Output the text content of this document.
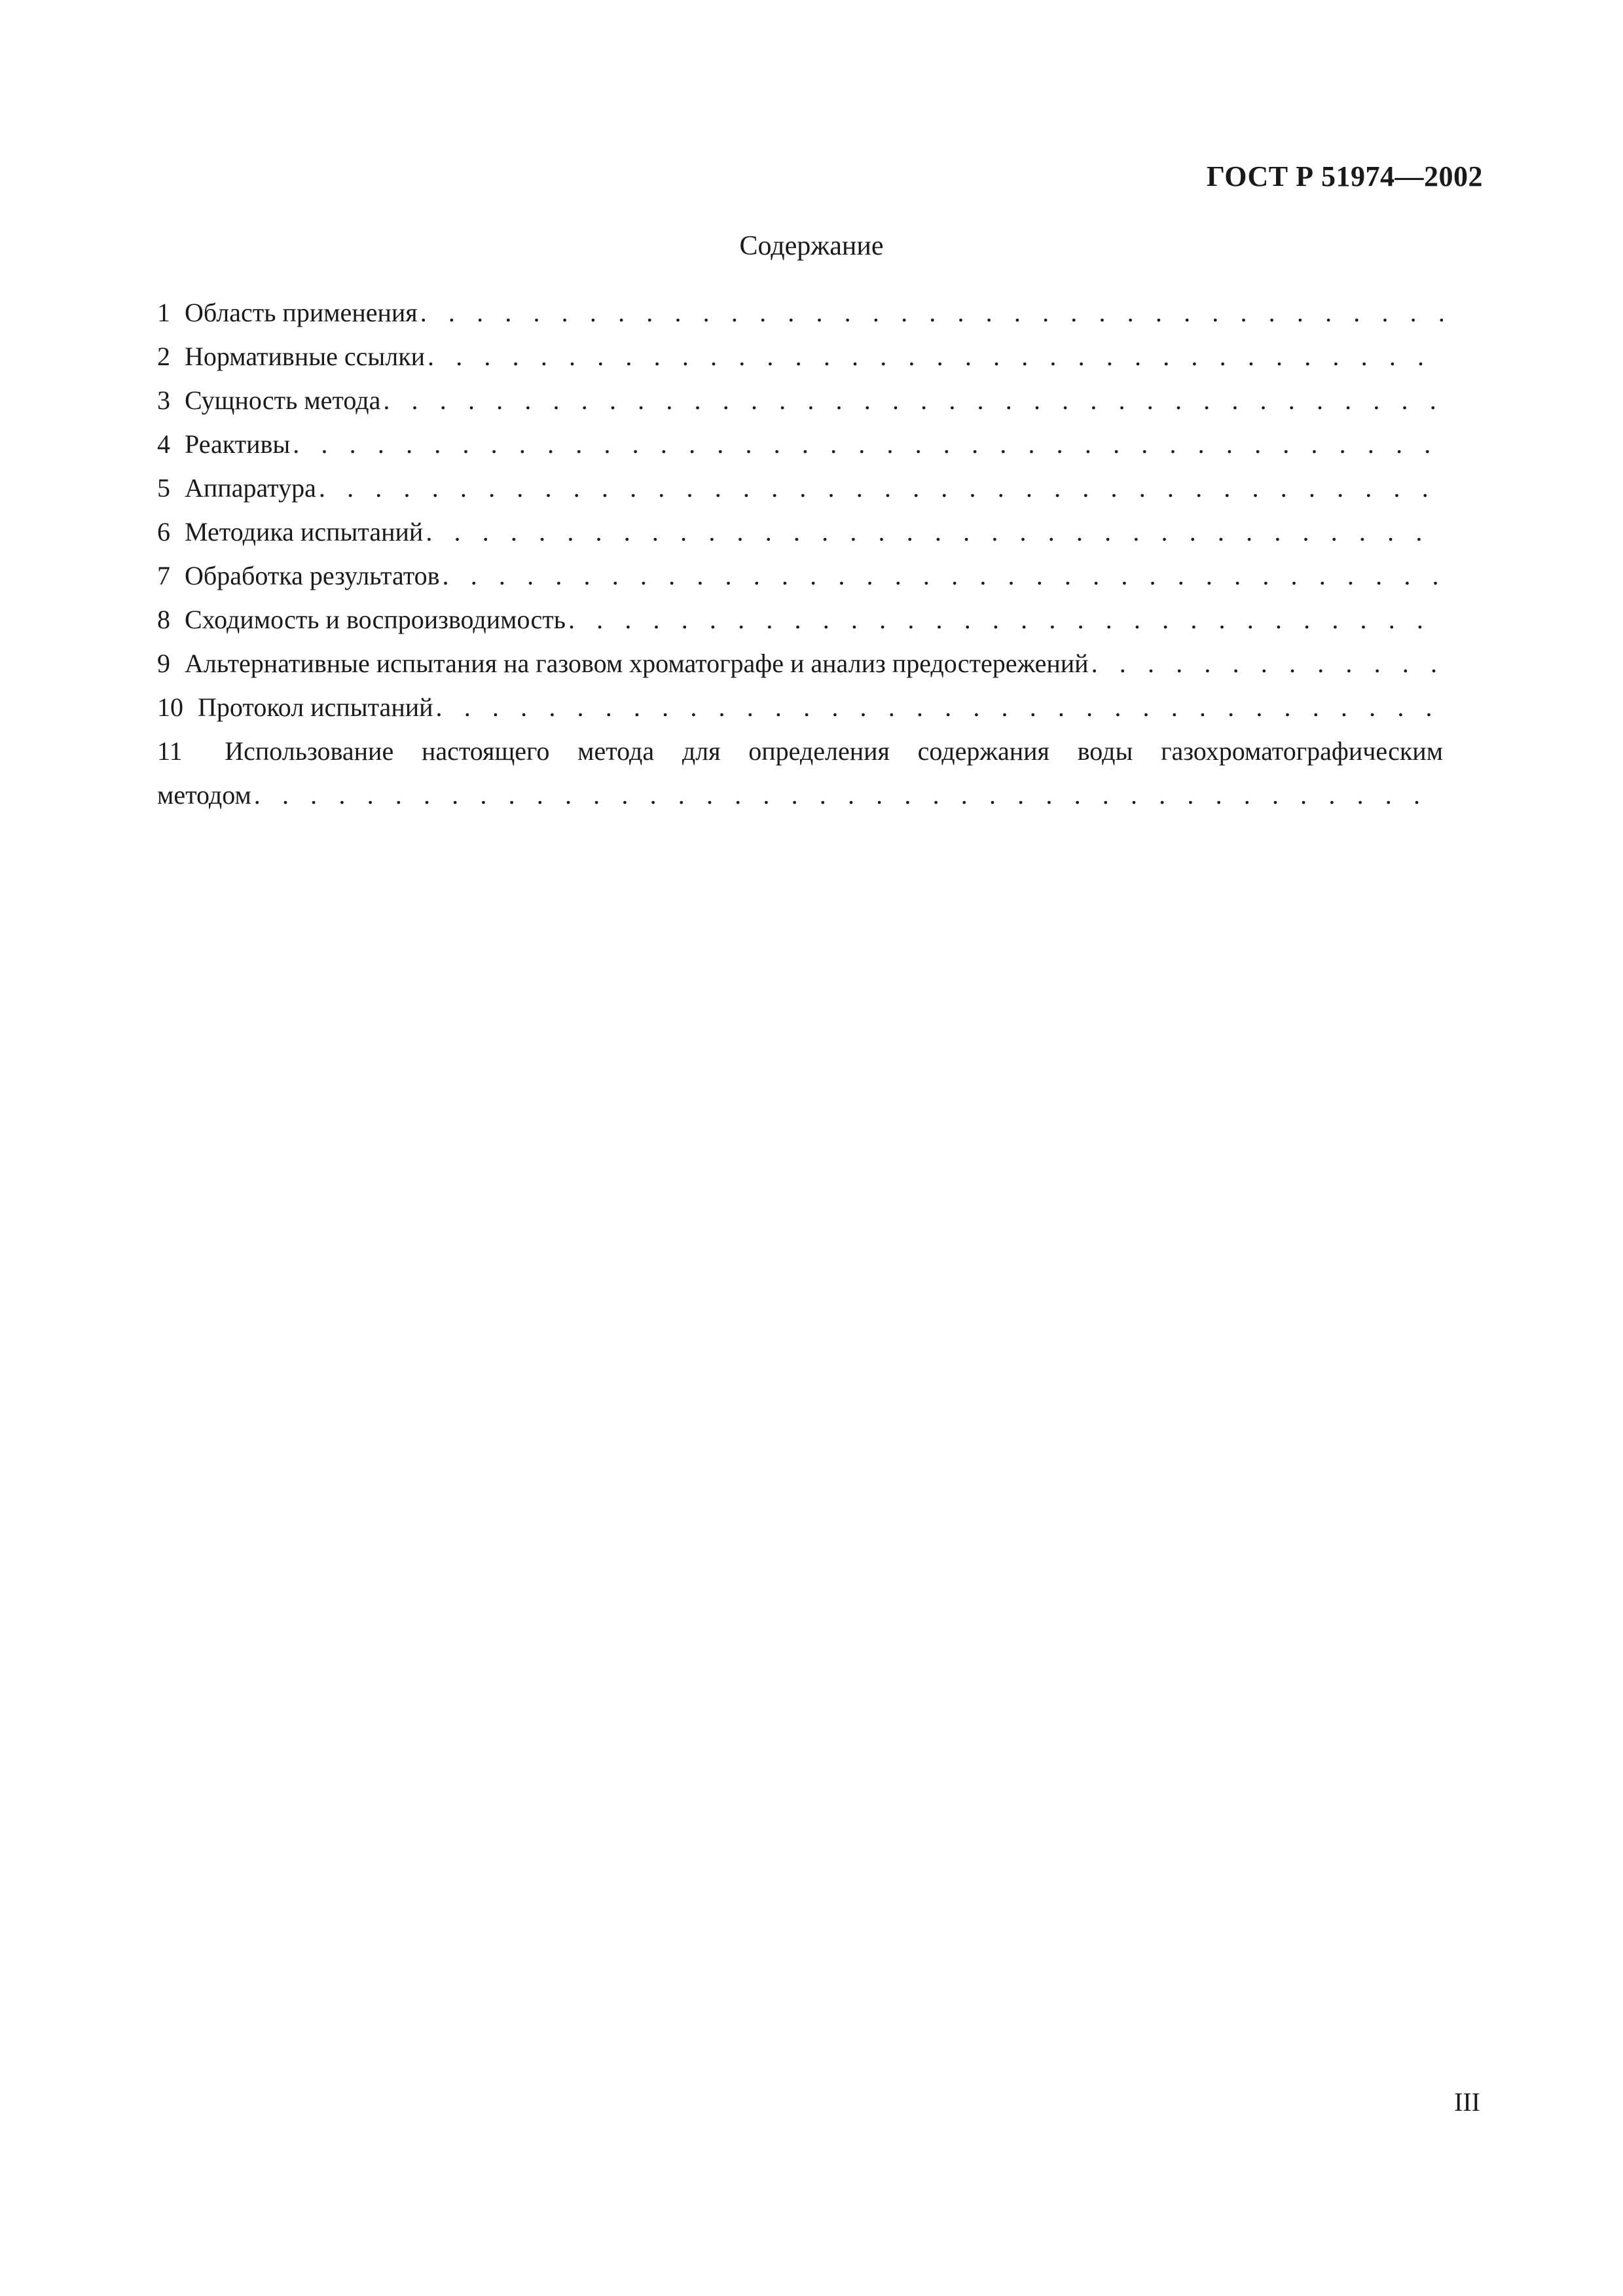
ГОСТ Р 51974—2002
Содержание
1 Область применения
. . .
2 Нормативные ссылки
. . .
3 Сущность метода
. . .
4 Реактивы
. . .
5 Аппаратура
. . .
6 Методика испытаний
. . .
7 Обработка результатов
. . .
8 Сходимость и воспроизводимость
. . .
9 Альтернативные испытания на газовом хроматографе и анализ предостережений
. . .
10 Протокол испытаний
. . .
11 Использование настоящего метода для определения содержания воды газохроматографическим
методом
. . .
III
